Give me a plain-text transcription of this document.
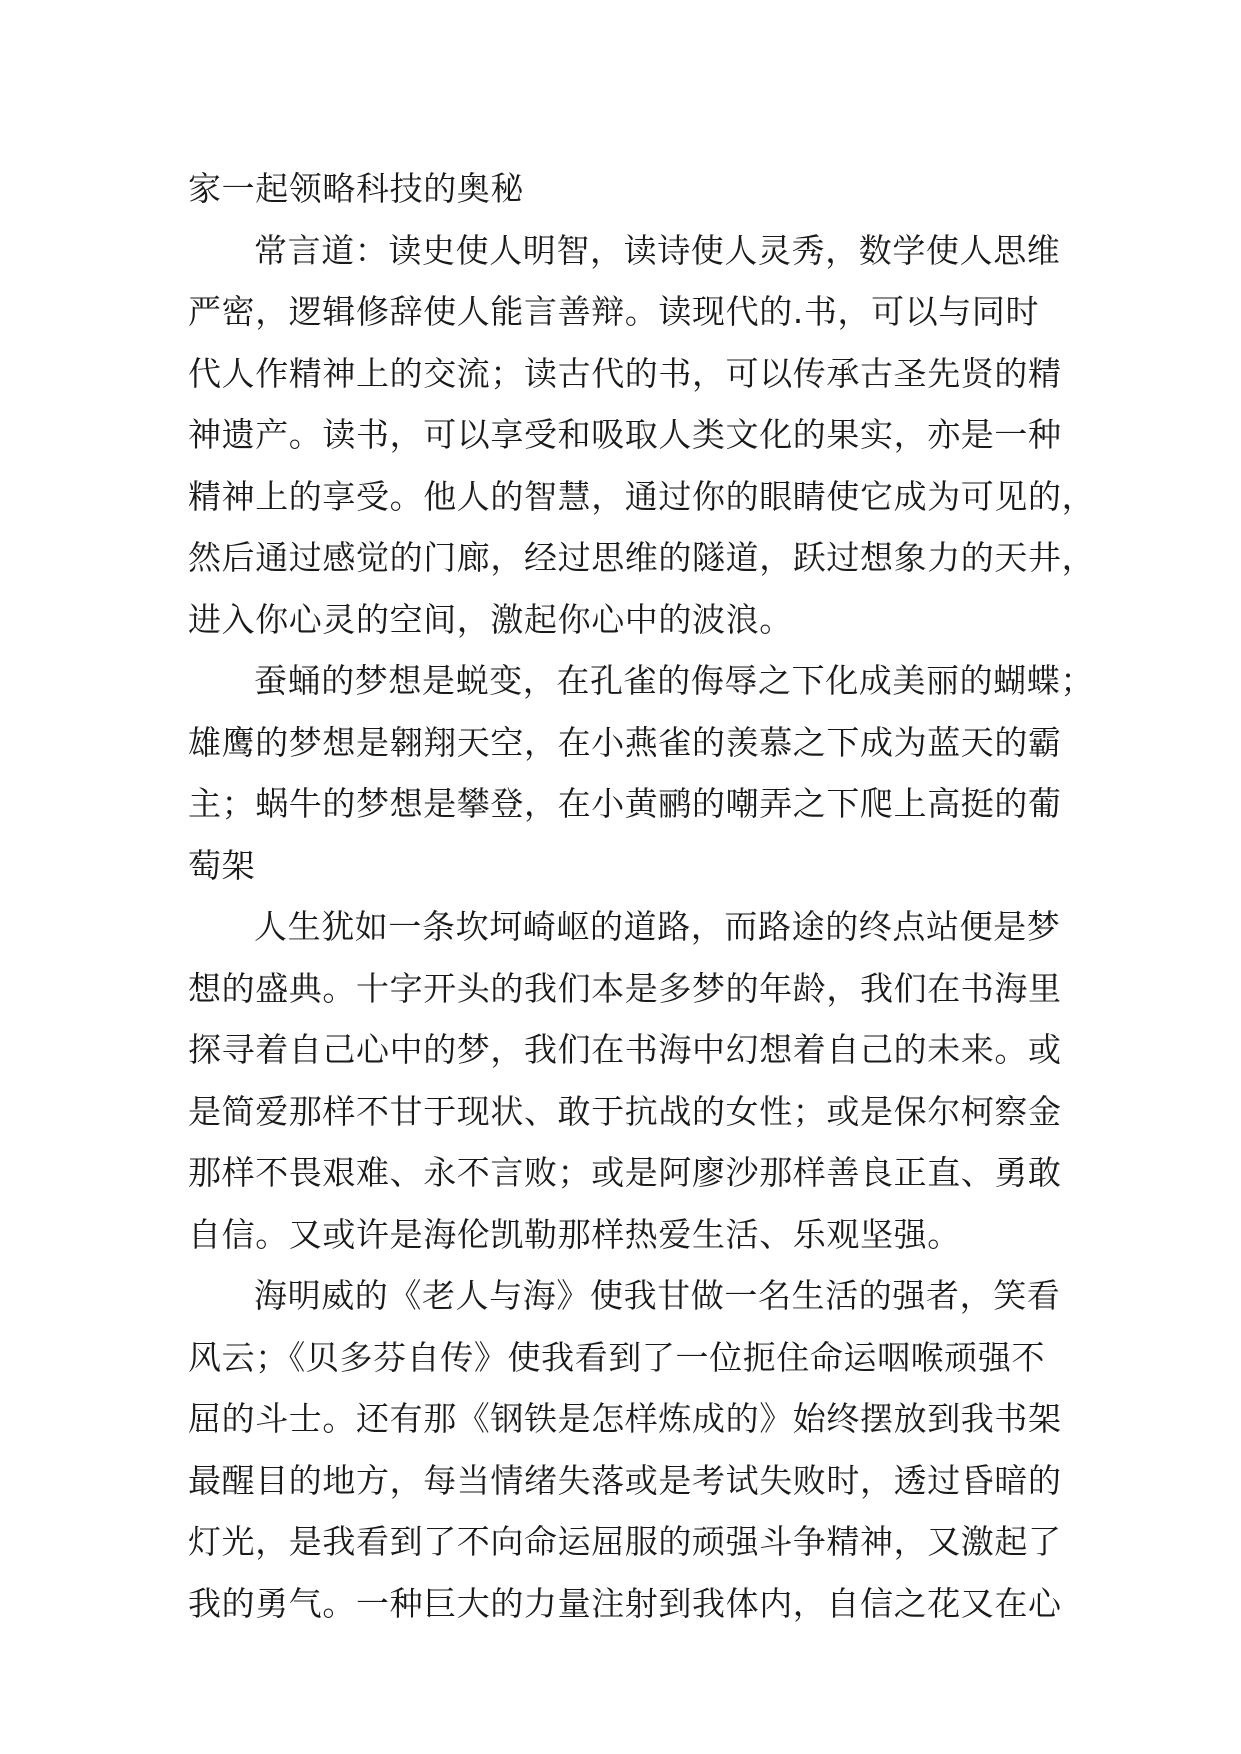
家一起领略科技的奥秘
常言道：读史使人明智，读诗使人灵秀，数学使人思维
严密，逻辑修辞使人能言善辩。读现代的.书，可以与同时
代人作精神上的交流；读古代的书，可以传承古圣先贤的精
神遗产。读书，可以享受和吸取人类文化的果实，亦是一种
精神上的享受。他人的智慧，通过你的眼睛使它成为可见的，
然后通过感觉的门廊，经过思维的隧道，跃过想象力的天井，
进入你心灵的空间，激起你心中的波浪。
蚕蛹的梦想是蜕变，在孔雀的侮辱之下化成美丽的蝴蝶；
雄鹰的梦想是翱翔天空，在小燕雀的羡慕之下成为蓝天的霸
主；蜗牛的梦想是攀登，在小黄鹂的嘲弄之下爬上高挺的葡
萄架
人生犹如一条坎坷崎岖的道路，而路途的终点站便是梦
想的盛典。十字开头的我们本是多梦的年龄，我们在书海里
探寻着自己心中的梦，我们在书海中幻想着自己的未来。或
是简爱那样不甘于现状、敢于抗战的女性；或是保尔柯察金
那样不畏艰难、永不言败；或是阿廖沙那样善良正直、勇敢
自信。又或许是海伦凯勒那样热爱生活、乐观坚强。
海明威的《老人与海》使我甘做一名生活的强者，笑看
风云；《贝多芬自传》使我看到了一位扼住命运咽喉顽强不
屈的斗士。还有那《钢铁是怎样炼成的》始终摆放到我书架
最醒目的地方，每当情绪失落或是考试失败时，透过昏暗的
灯光，是我看到了不向命运屈服的顽强斗争精神，又激起了
我的勇气。一种巨大的力量注射到我体内，自信之花又在心
